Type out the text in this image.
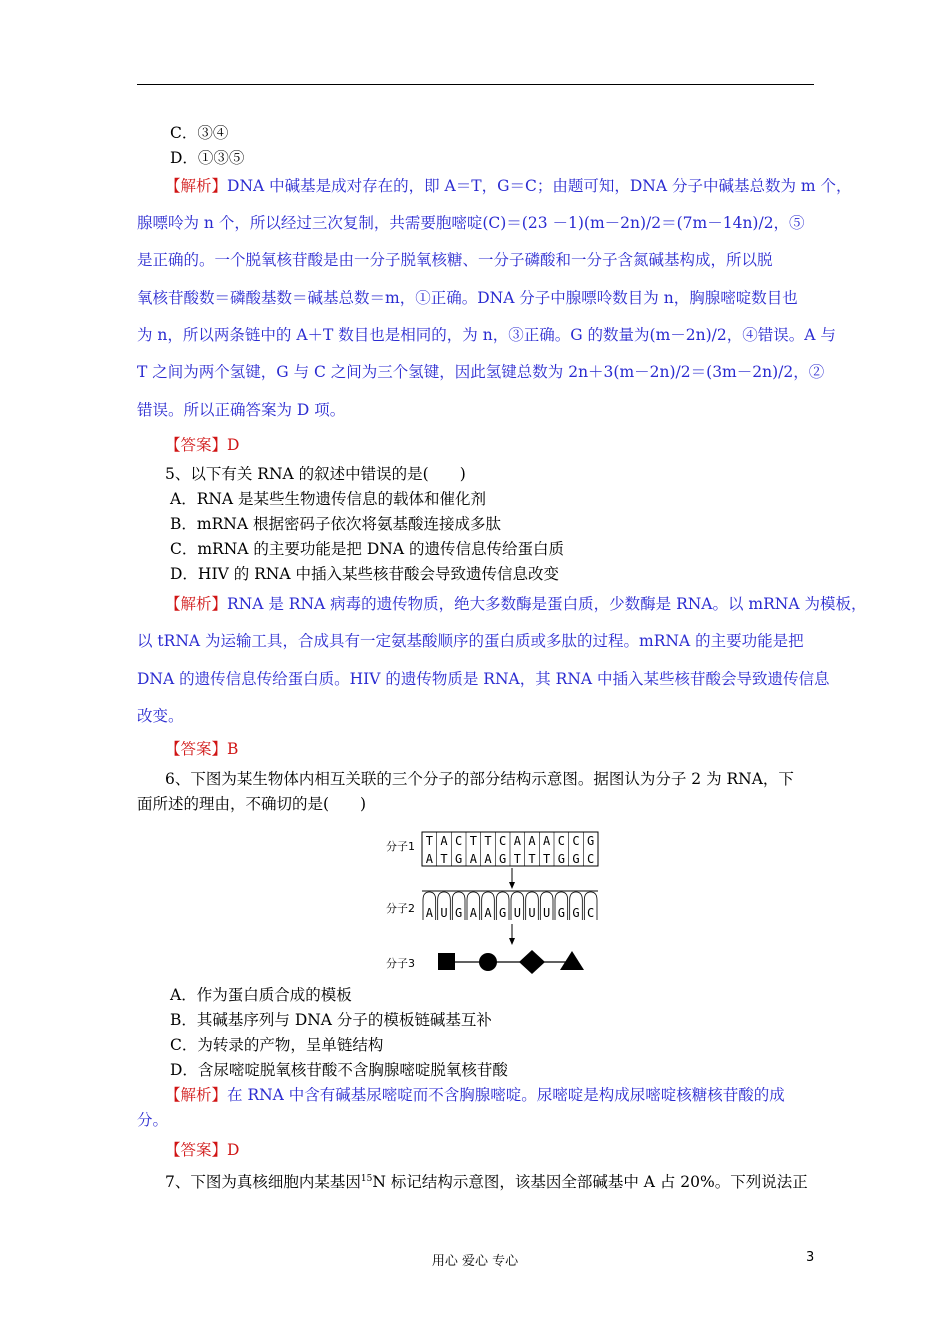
C．③④
D．①③⑤
【解析】DNA 中碱基是成对存在的，即 A＝T，G＝C；由题可知，DNA 分子中碱基总数为 m 个，
腺嘌呤为 n 个，所以经过三次复制，共需要胞嘧啶(C)＝(23 －1)(m－2n)/2＝(7m－14n)/2，⑤
是正确的。一个脱氧核苷酸是由一分子脱氧核糖、一分子磷酸和一分子含氮碱基构成，所以脱
氧核苷酸数＝磷酸基数＝碱基总数＝m，①正确。DNA 分子中腺嘌呤数目为 n，胸腺嘧啶数目也
为 n，所以两条链中的 A＋T 数目也是相同的，为 n，③正确。G 的数量为(m－2n)/2，④错误。A 与
T 之间为两个氢键，G 与 C 之间为三个氢键，因此氢键总数为 2n＋3(m－2n)/2＝(3m－2n)/2，②
错误。所以正确答案为 D 项。
【答案】D
5、以下有关 RNA 的叙述中错误的是(　　)
A．RNA 是某些生物遗传信息的载体和催化剂
B．mRNA 根据密码子依次将氨基酸连接成多肽
C．mRNA 的主要功能是把 DNA 的遗传信息传给蛋白质
D．HIV 的 RNA 中插入某些核苷酸会导致遗传信息改变
【解析】RNA 是 RNA 病毒的遗传物质，绝大多数酶是蛋白质，少数酶是 RNA。以 mRNA 为模板，
以 tRNA 为运输工具，合成具有一定氨基酸顺序的蛋白质或多肽的过程。mRNA 的主要功能是把
DNA 的遗传信息传给蛋白质。HIV 的遗传物质是 RNA，其 RNA 中插入某些核苷酸会导致遗传信息
改变。
【答案】B
6、下图为某生物体内相互关联的三个分子的部分结构示意图。据图认为分子 2 为 RNA，下
面所述的理由，不确切的是(　　)
分子1 T A C T T C A A A C C G
A T G A A G T T T G G C
分子2 A U G A A G U U U G G C
分子3
A．作为蛋白质合成的模板
B．其碱基序列与 DNA 分子的模板链碱基互补
C．为转录的产物，呈单链结构
D．含尿嘧啶脱氧核苷酸不含胸腺嘧啶脱氧核苷酸
【解析】在 RNA 中含有碱基尿嘧啶而不含胸腺嘧啶。尿嘧啶是构成尿嘧啶核糖核苷酸的成
分。
【答案】D
7、下图为真核细胞内某基因$^{15}$N 标记结构示意图，该基因全部碱基中 A 占 20%。下列说法正
用心 爱心 专心	3
